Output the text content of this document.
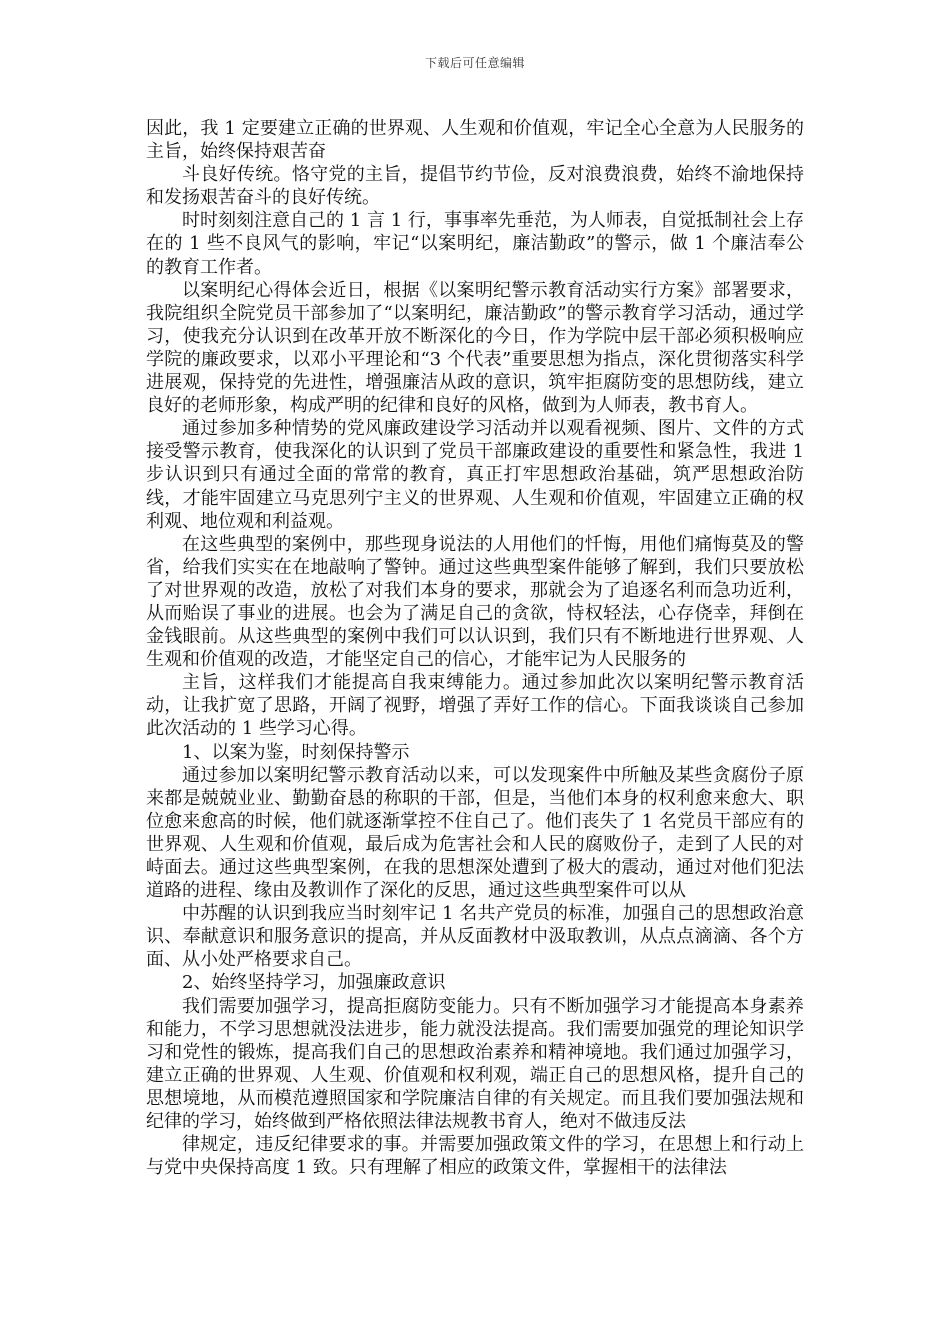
下载后可任意编辑

因此，我 1 定要建立正确的世界观、人生观和价值观，牢记全心全意为人民服务的主旨，始终保持艰苦奋

斗良好传统。恪守党的主旨，提倡节约节俭，反对浪费浪费，始终不渝地保持和发扬艰苦奋斗的良好传统。

时时刻刻注意自己的 1 言 1 行，事事率先垂范，为人师表，自觉抵制社会上存在的 1 些不良风气的影响，牢记“以案明纪，廉洁勤政”的警示，做 1 个廉洁奉公的教育工作者。

以案明纪心得体会近日，根据《以案明纪警示教育活动实行方案》部署要求，我院组织全院党员干部参加了“以案明纪，廉洁勤政”的警示教育学习活动，通过学习，使我充分认识到在改革开放不断深化的今日，作为学院中层干部必须积极响应学院的廉政要求，以邓小平理论和“3 个代表”重要思想为指点，深化贯彻落实科学进展观，保持党的先进性，增强廉洁从政的意识，筑牢拒腐防变的思想防线，建立良好的老师形象，构成严明的纪律和良好的风格，做到为人师表，教书育人。

通过参加多种情势的党风廉政建设学习活动并以观看视频、图片、文件的方式接受警示教育，使我深化的认识到了党员干部廉政建设的重要性和紧急性，我进 1 步认识到只有通过全面的常常的教育，真正打牢思想政治基础，筑严思想政治防线，才能牢固建立马克思列宁主义的世界观、人生观和价值观，牢固建立正确的权利观、地位观和利益观。

在这些典型的案例中，那些现身说法的人用他们的忏悔，用他们痛悔莫及的警省，给我们实实在在地敲响了警钟。通过这些典型案件能够了解到，我们只要放松了对世界观的改造，放松了对我们本身的要求，那就会为了追逐名利而急功近利，从而贻误了事业的进展。也会为了满足自己的贪欲，恃权轻法，心存侥幸，拜倒在金钱眼前。从这些典型的案例中我们可以认识到，我们只有不断地进行世界观、人生观和价值观的改造，才能坚定自己的信心，才能牢记为人民服务的

主旨，这样我们才能提高自我束缚能力。通过参加此次以案明纪警示教育活动，让我扩宽了思路，开阔了视野，增强了弄好工作的信心。下面我谈谈自己参加此次活动的 1 些学习心得。

1、以案为鉴，时刻保持警示

通过参加以案明纪警示教育活动以来，可以发现案件中所触及某些贪腐份子原来都是兢兢业业、勤勤奋恳的称职的干部，但是，当他们本身的权利愈来愈大、职位愈来愈高的时候，他们就逐渐掌控不住自己了。他们丧失了 1 名党员干部应有的世界观、人生观和价值观，最后成为危害社会和人民的腐败份子，走到了人民的对峙面去。通过这些典型案例，在我的思想深处遭到了极大的震动，通过对他们犯法道路的进程、缘由及教训作了深化的反思，通过这些典型案件可以从

中苏醒的认识到我应当时刻牢记 1 名共产党员的标准，加强自己的思想政治意识、奉献意识和服务意识的提高，并从反面教材中汲取教训，从点点滴滴、各个方面、从小处严格要求自己。

2、始终坚持学习，加强廉政意识

我们需要加强学习，提高拒腐防变能力。只有不断加强学习才能提高本身素养和能力，不学习思想就没法进步，能力就没法提高。我们需要加强党的理论知识学习和党性的锻炼，提高我们自己的思想政治素养和精神境地。我们通过加强学习，建立正确的世界观、人生观、价值观和权利观，端正自己的思想风格，提升自己的思想境地，从而模范遵照国家和学院廉洁自律的有关规定。而且我们要加强法规和 纪律的学习，始终做到严格依照法律法规教书育人，绝对不做违反法

律规定，违反纪律要求的事。并需要加强政策文件的学习，在思想上和行动上与党中央保持高度 1 致。只有理解了相应的政策文件，掌握相干的法律法
